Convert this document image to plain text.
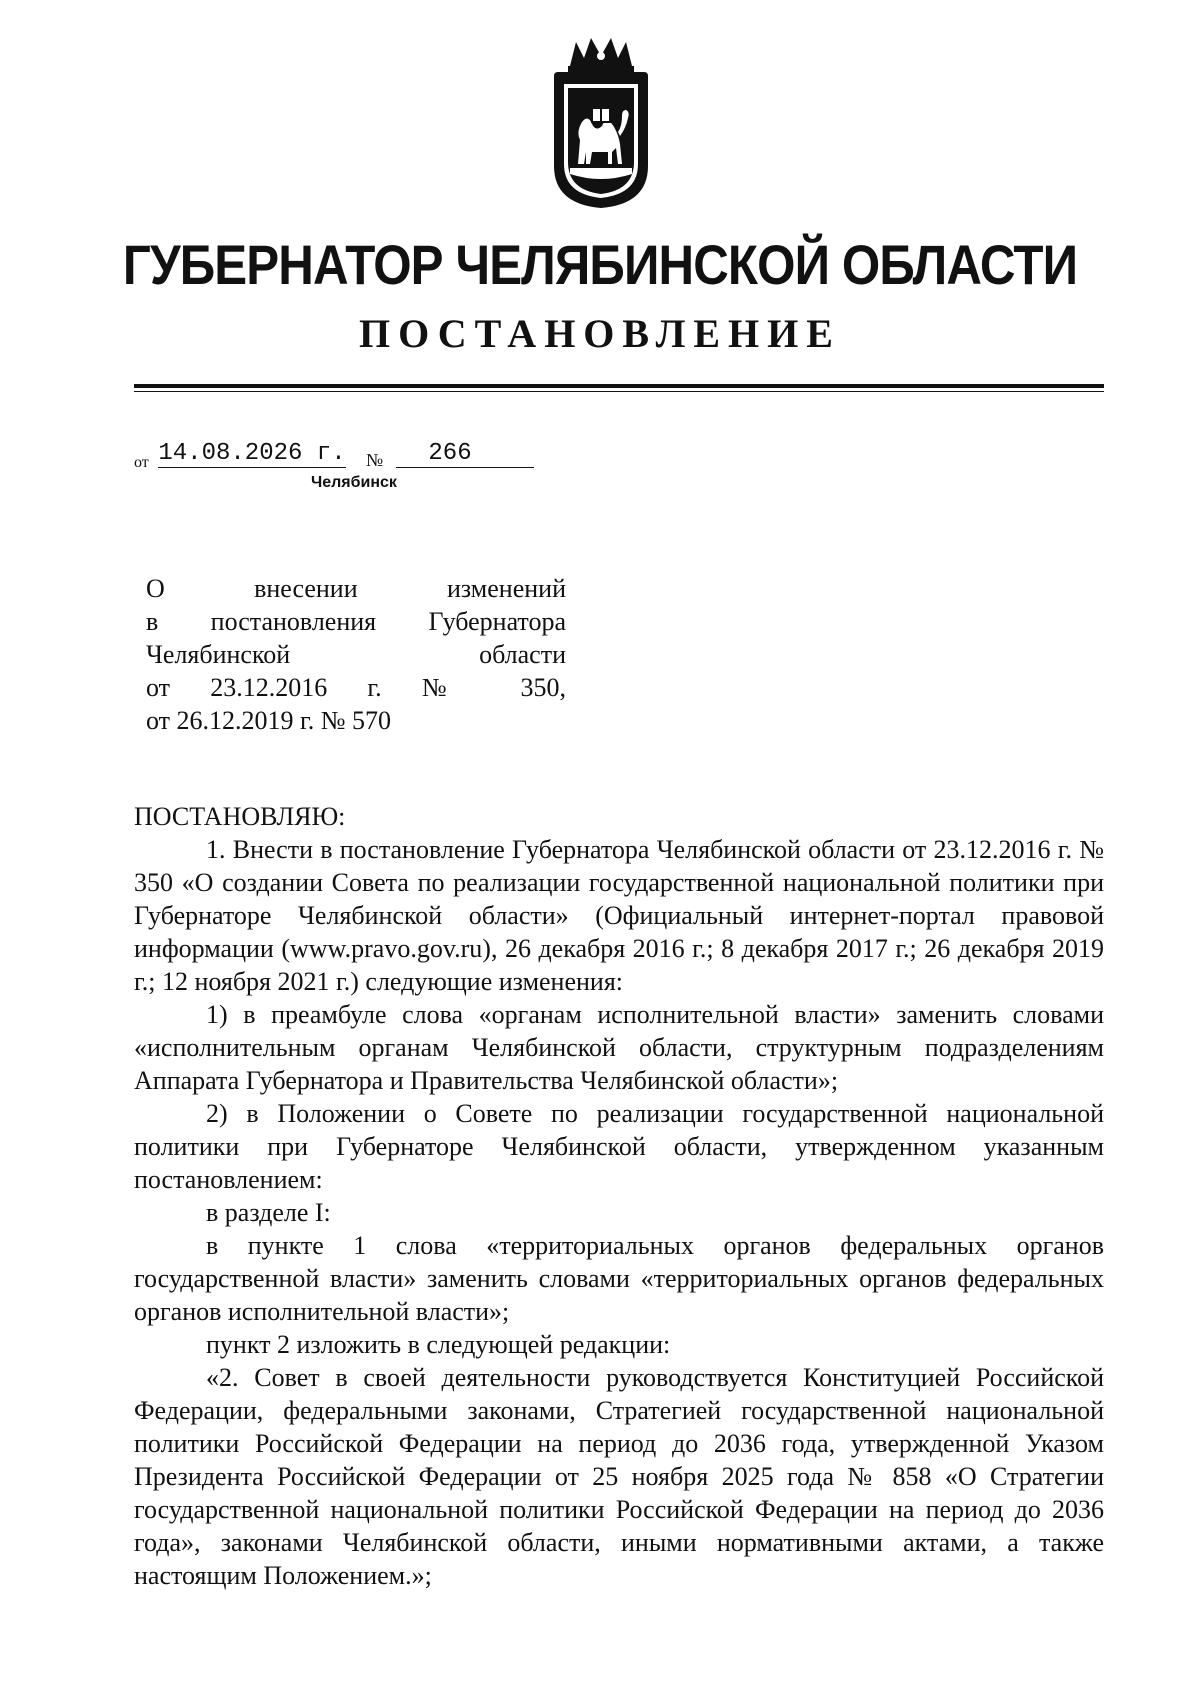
ГУБЕРНАТОР ЧЕЛЯБИНСКОЙ ОБЛАСТИ
ПОСТАНОВЛЕНИЕ
от 14.08.2026 г. №	266
Челябинск
О внесении изменений
в постановления Губернатора
Челябинской области
от 23.12.2016 г. № 350,
от 26.12.2019 г. № 570

ПОСТАНОВЛЯЮ:

1. Внести в постановление Губернатора Челябинской области от 23.12.2016 г. № 350 «О создании Совета по реализации государственной национальной политики при Губернаторе Челябинской области» (Официальный интернет-портал правовой информации (www.pravo.gov.ru), 26 декабря 2016 г.; 8 декабря 2017 г.; 26 декабря 2019 г.; 12 ноября 2021 г.) следующие изменения:

1) в преамбуле слова «органам исполнительной власти» заменить словами «исполнительным органам Челябинской области, структурным подразделениям Аппарата Губернатора и Правительства Челябинской области»;

2) в Положении о Совете по реализации государственной национальной политики при Губернаторе Челябинской области, утвержденном указанным постановлением:

в разделе I:

в пункте 1 слова «территориальных органов федеральных органов государственной власти» заменить словами «территориальных органов федеральных органов исполнительной власти»;

пункт 2 изложить в следующей редакции:

«2. Совет в своей деятельности руководствуется Конституцией Российской Федерации, федеральными законами, Стратегией государственной национальной политики Российской Федерации на период до 2036 года, утвержденной Указом Президента Российской Федерации от 25 ноября 2025 года № 858 «О Стратегии государственной национальной политики Российской Федерации на период до 2036 года», законами Челябинской области, иными нормативными актами, а также настоящим Положением.»;
